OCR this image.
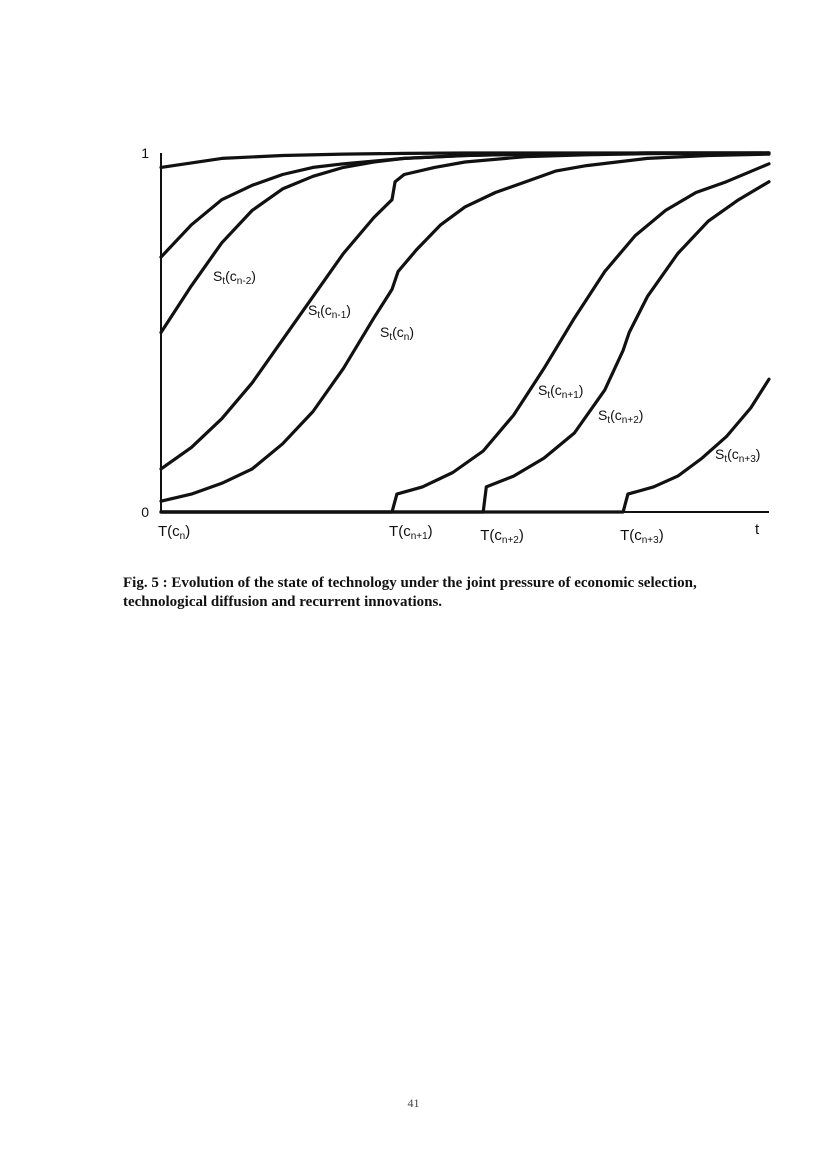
0
1
$T(c_n)$	$T(c_{n+1})$	$T(c_{n+2})$	$T(c_{n+3})$
$S_t(c_{n-2})$
$S_t(c_{n-1})$
$S_t(c_n)$
$S_t(c_{n+1})$
$S_t(c_{n+2})$
$S_t(c_{n+3})$
t
Fig. 5 : Evolution of the state of technology under the joint pressure of economic selection, technological diffusion and recurrent innovations.
41
